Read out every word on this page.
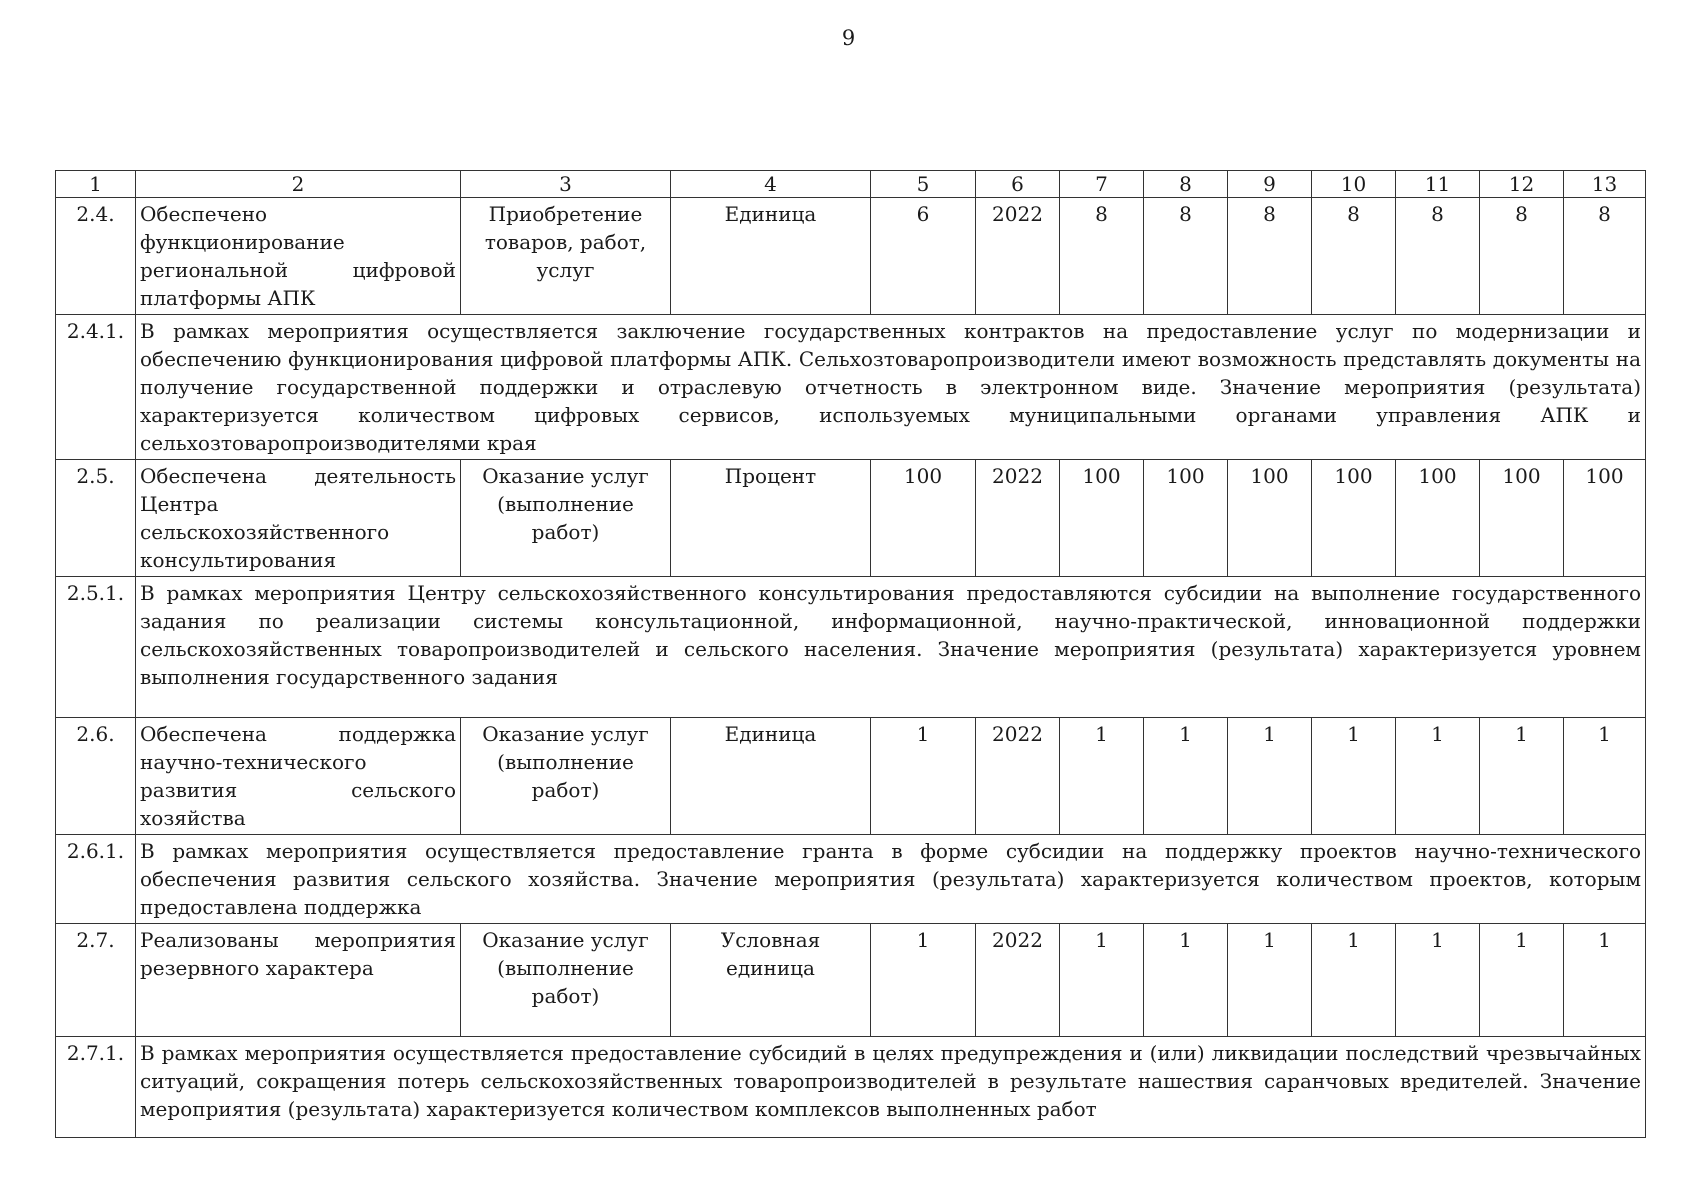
9
1	2	3	4	5	6	7	8	9	10	11	12	13
2.4.	Обеспечено функционирование региональной цифровой платформы АПК	Приобретение товаров, работ, услуг	Единица	6	2022	8	8	8	8	8	8	8
2.4.1.	В рамках мероприятия осуществляется заключение государственных контрактов на предоставление услуг по модернизации и обеспечению функционирования цифровой платформы АПК. Сельхозтоваропроизводители имеют возможность представлять документы на получение государственной поддержки и отраслевую отчетность в электронном виде. Значение мероприятия (результата) характеризуется количеством цифровых сервисов, используемых муниципальными органами управления АПК и сельхозтоваропроизводителями края											
2.5.	Обеспечена деятельность Центра сельскохозяйственного консультирования	Оказание услуг (выполнение работ)	Процент	100	2022	100	100	100	100	100	100	100
2.5.1.	В рамках мероприятия Центру сельскохозяйственного консультирования предоставляются субсидии на выполнение государственного задания по реализации системы консультационной, информационной, научно-практической, инновационной поддержки сельскохозяйственных товаропроизводителей и сельского населения. Значение мероприятия (результата) характеризуется уровнем выполнения государственного задания											
2.6.	Обеспечена поддержка научно-технического развития сельского хозяйства	Оказание услуг (выполнение работ)	Единица	1	2022	1	1	1	1	1	1	1
2.6.1.	В рамках мероприятия осуществляется предоставление гранта в форме субсидии на поддержку проектов научно-технического обеспечения развития сельского хозяйства. Значение мероприятия (результата) характеризуется количеством проектов, которым предоставлена поддержка											
2.7.	Реализованы мероприятия резервного характера	Оказание услуг (выполнение работ)	Условная единица	1	2022	1	1	1	1	1	1	1
2.7.1.	В рамках мероприятия осуществляется предоставление субсидий в целях предупреждения и (или) ликвидации последствий чрезвычайных ситуаций, сокращения потерь сельскохозяйственных товаропроизводителей в результате нашествия саранчовых вредителей. Значение мероприятия (результата) характеризуется количеством комплексов выполненных работ											
